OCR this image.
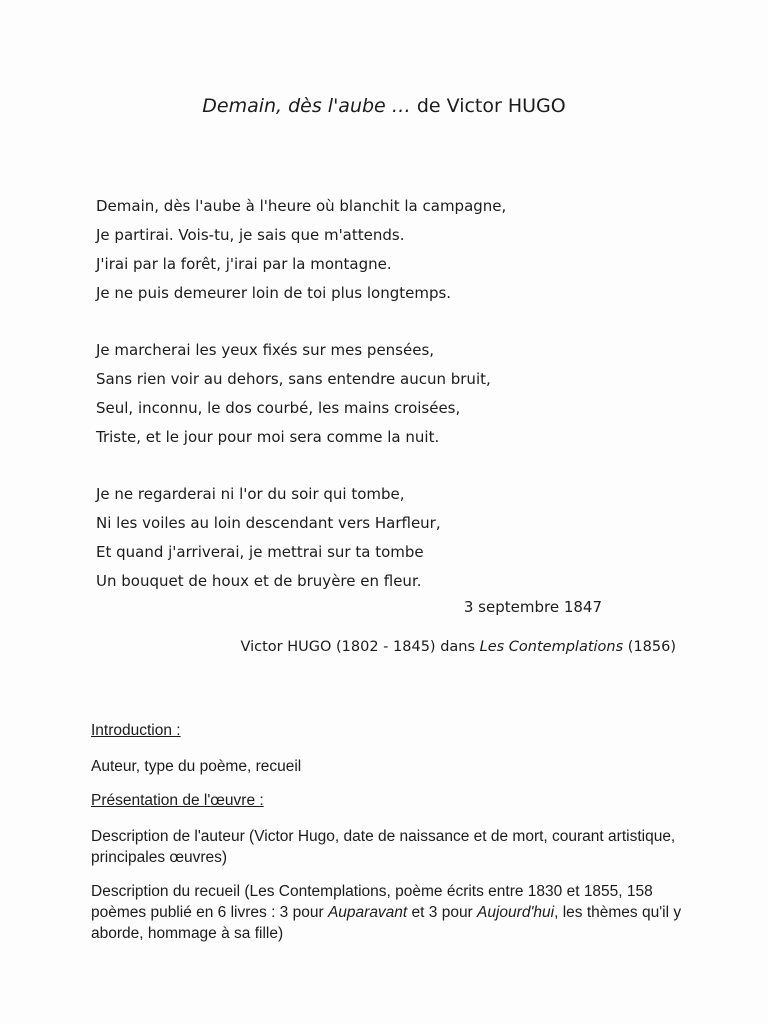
Demain, dès l'aube … de Victor HUGO
Demain, dès l'aube à l'heure où blanchit la campagne,
Je partirai. Vois-tu, je sais que m'attends.
J'irai par la forêt, j'irai par la montagne.
Je ne puis demeurer loin de toi plus longtemps.
Je marcherai les yeux fixés sur mes pensées,
Sans rien voir au dehors, sans entendre aucun bruit,
Seul, inconnu, le dos courbé, les mains croisées,
Triste, et le jour pour moi sera comme la nuit.
Je ne regarderai ni l'or du soir qui tombe,
Ni les voiles au loin descendant vers Harfleur,
Et quand j'arriverai, je mettrai sur ta tombe
Un bouquet de houx et de bruyère en fleur.
3 septembre 1847
Victor HUGO (1802 - 1845) dans Les Contemplations (1856)
Introduction :
Auteur, type du poème, recueil
Présentation de l'œuvre :
Description de l'auteur (Victor Hugo, date de naissance et de mort, courant artistique, principales œuvres)
Description du recueil (Les Contemplations, poème écrits entre 1830 et 1855, 158 poèmes publié en 6 livres : 3 pour Auparavant et 3 pour Aujourd'hui, les thèmes qu'il y aborde, hommage à sa fille)
